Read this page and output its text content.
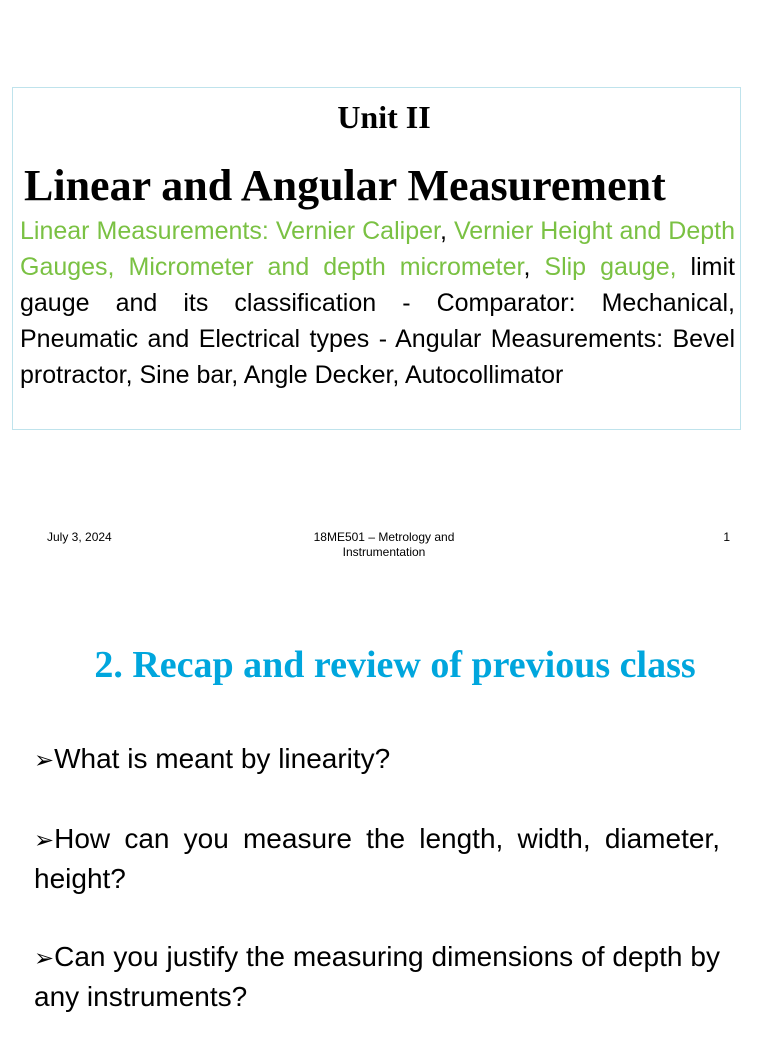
Unit II
Linear and Angular Measurement

Linear Measurements: Vernier Caliper, Vernier Height and Depth Gauges, Micrometer and depth micrometer, Slip gauge, limit gauge and its classification - Comparator: Mechanical, Pneumatic and Electrical types - Angular Measurements: Bevel protractor, Sine bar, Angle Decker, Autocollimator

July 3, 2024	18ME501 – Metrology and Instrumentation
1
2. Recap and review of previous class
➢What is meant by linearity?
➢How can you measure the length, width, diameter, height?
➢Can you justify the measuring dimensions of depth by any instruments?
